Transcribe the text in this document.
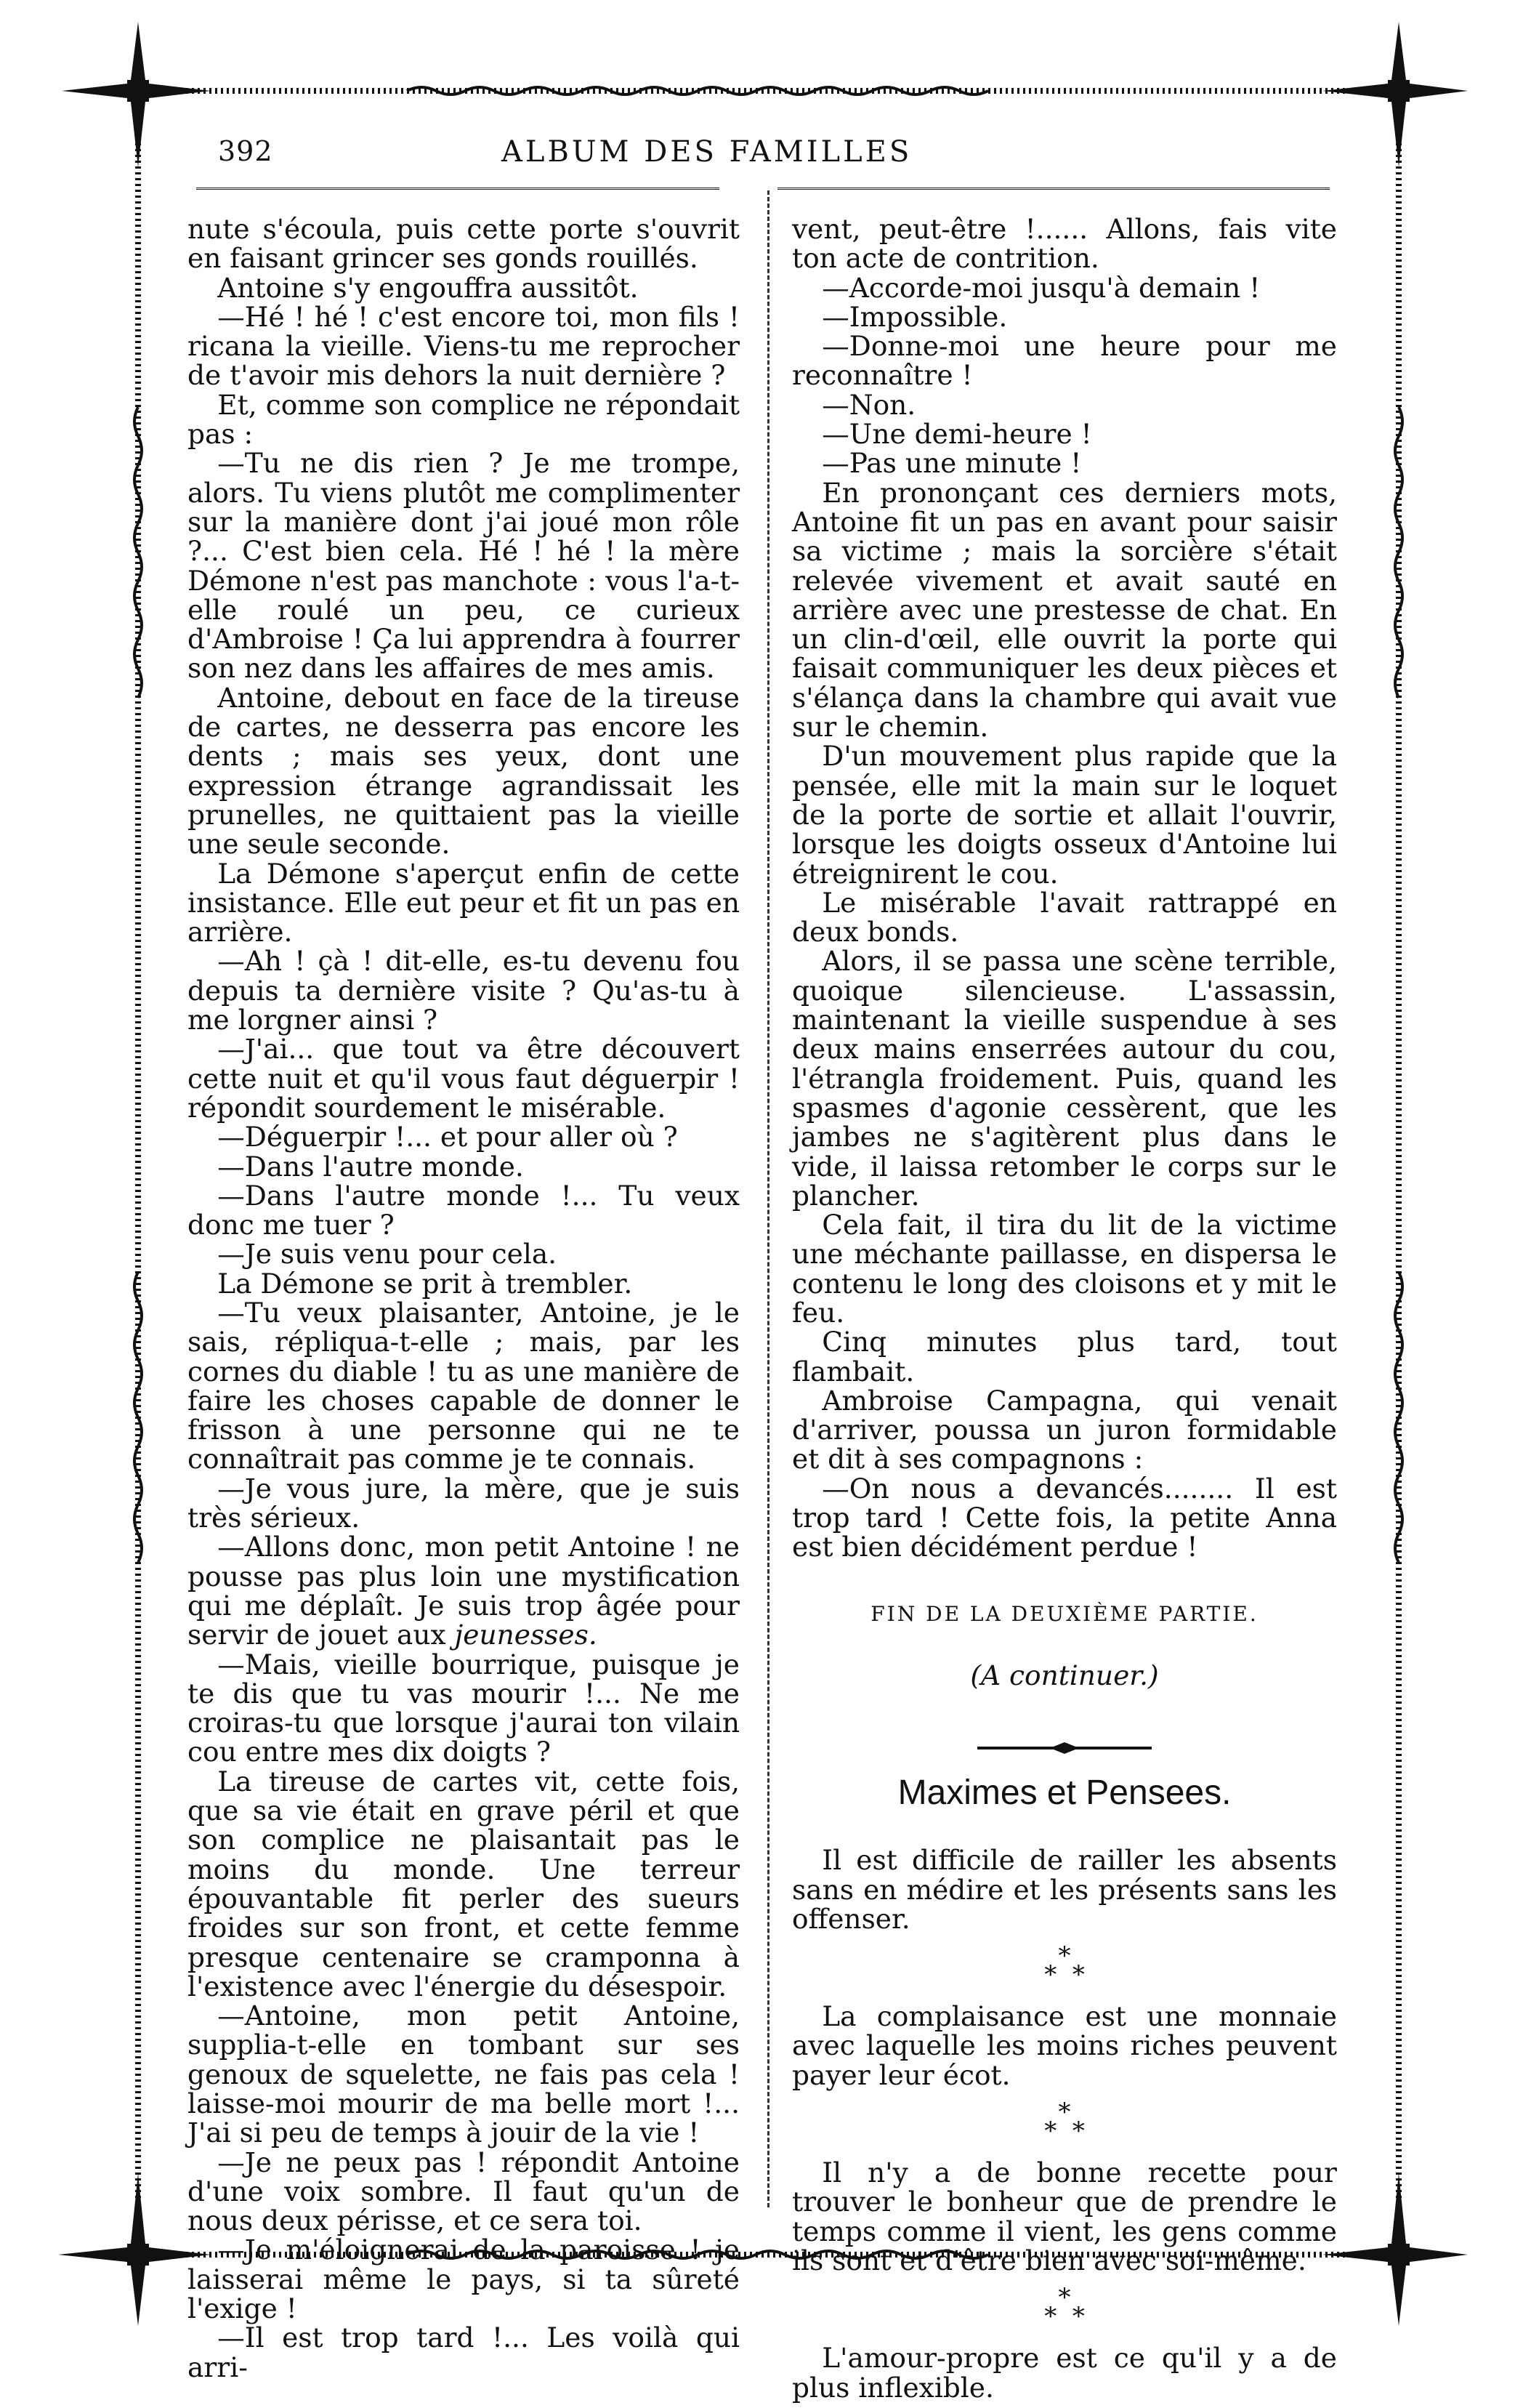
392	ALBUM DES FAMILLES

nute s'écoula, puis cette porte s'ouvrit en faisant grincer ses gonds rouillés.

Antoine s'y engouffra aussitôt.

—Hé ! hé ! c'est encore toi, mon fils ! ricana la vieille. Viens-tu me reprocher de t'avoir mis dehors la nuit dernière ?

Et, comme son complice ne répondait pas :

—Tu ne dis rien ? Je me trompe, alors. Tu viens plutôt me complimenter sur la manière dont j'ai joué mon rôle ?... C'est bien cela. Hé ! hé ! la mère Démone n'est pas manchote : vous l'a-t-elle roulé un peu, ce curieux d'Ambroise ! Ça lui apprendra à fourrer son nez dans les affaires de mes amis.

Antoine, debout en face de la tireuse de cartes, ne desserra pas encore les dents ; mais ses yeux, dont une expression étrange agrandissait les prunelles, ne quittaient pas la vieille une seule seconde.

La Démone s'aperçut enfin de cette insistance. Elle eut peur et fit un pas en arrière.

—Ah ! çà ! dit-elle, es-tu devenu fou depuis ta dernière visite ? Qu'as-tu à me lorgner ainsi ?

—J'ai... que tout va être découvert cette nuit et qu'il vous faut déguerpir ! répondit sourdement le misérable.

—Déguerpir !... et pour aller où ?

—Dans l'autre monde.

—Dans l'autre monde !... Tu veux donc me tuer ?

—Je suis venu pour cela.

La Démone se prit à trembler.

—Tu veux plaisanter, Antoine, je le sais, répliqua-t-elle ; mais, par les cornes du diable ! tu as une manière de faire les choses capable de donner le frisson à une personne qui ne te connaîtrait pas comme je te connais.

—Je vous jure, la mère, que je suis très sérieux.

—Allons donc, mon petit Antoine ! ne pousse pas plus loin une mystification qui me déplaît. Je suis trop âgée pour servir de jouet aux jeunesses.

—Mais, vieille bourrique, puisque je te dis que tu vas mourir !... Ne me croiras-tu que lorsque j'aurai ton vilain cou entre mes dix doigts ?

La tireuse de cartes vit, cette fois, que sa vie était en grave péril et que son complice ne plaisantait pas le moins du monde. Une terreur épouvantable fit perler des sueurs froides sur son front, et cette femme presque centenaire se cramponna à l'existence avec l'énergie du désespoir.

—Antoine, mon petit Antoine, supplia-t-elle en tombant sur ses genoux de squelette, ne fais pas cela ! laisse-moi mourir de ma belle mort !... J'ai si peu de temps à jouir de la vie !

—Je ne peux pas ! répondit Antoine d'une voix sombre. Il faut qu'un de nous deux périsse, et ce sera toi.

—Je m'éloignerai de la paroisse ! je laisserai même le pays, si ta sûreté l'exige !

—Il est trop tard !... Les voilà qui arri-

vent, peut-être !...... Allons, fais vite ton acte de contrition.

—Accorde-moi jusqu'à demain !

—Impossible.

—Donne-moi une heure pour me reconnaître !

—Non.

—Une demi-heure !

—Pas une minute !

En prononçant ces derniers mots, Antoine fit un pas en avant pour saisir sa victime ; mais la sorcière s'était relevée vivement et avait sauté en arrière avec une prestesse de chat. En un clin-d'œil, elle ouvrit la porte qui faisait communiquer les deux pièces et s'élança dans la chambre qui avait vue sur le chemin.

D'un mouvement plus rapide que la pensée, elle mit la main sur le loquet de la porte de sortie et allait l'ouvrir, lorsque les doigts osseux d'Antoine lui étreignirent le cou.

Le misérable l'avait rattrappé en deux bonds.

Alors, il se passa une scène terrible, quoique silencieuse. L'assassin, maintenant la vieille suspendue à ses deux mains enserrées autour du cou, l'étrangla froidement. Puis, quand les spasmes d'agonie cessèrent, que les jambes ne s'agitèrent plus dans le vide, il laissa retomber le corps sur le plancher.

Cela fait, il tira du lit de la victime une méchante paillasse, en dispersa le contenu le long des cloisons et y mit le feu.

Cinq minutes plus tard, tout flambait.

Ambroise Campagna, qui venait d'arriver, poussa un juron formidable et dit à ses compagnons :

—On nous a devancés........ Il est trop tard ! Cette fois, la petite Anna est bien décidément perdue !

FIN DE LA DEUXIÈME PARTIE.

(A continuer.)

Maximes et Pensees.

Il est difficile de railler les absents sans en médire et les présents sans les offenser.

*
* *

La complaisance est une monnaie avec laquelle les moins riches peuvent payer leur écot.

*
* *

Il n'y a de bonne recette pour trouver le bonheur que de prendre le temps comme il vient, les gens comme ils sont et d'être bien avec soi-même.

*
* *

L'amour-propre est ce qu'il y a de plus inflexible.
